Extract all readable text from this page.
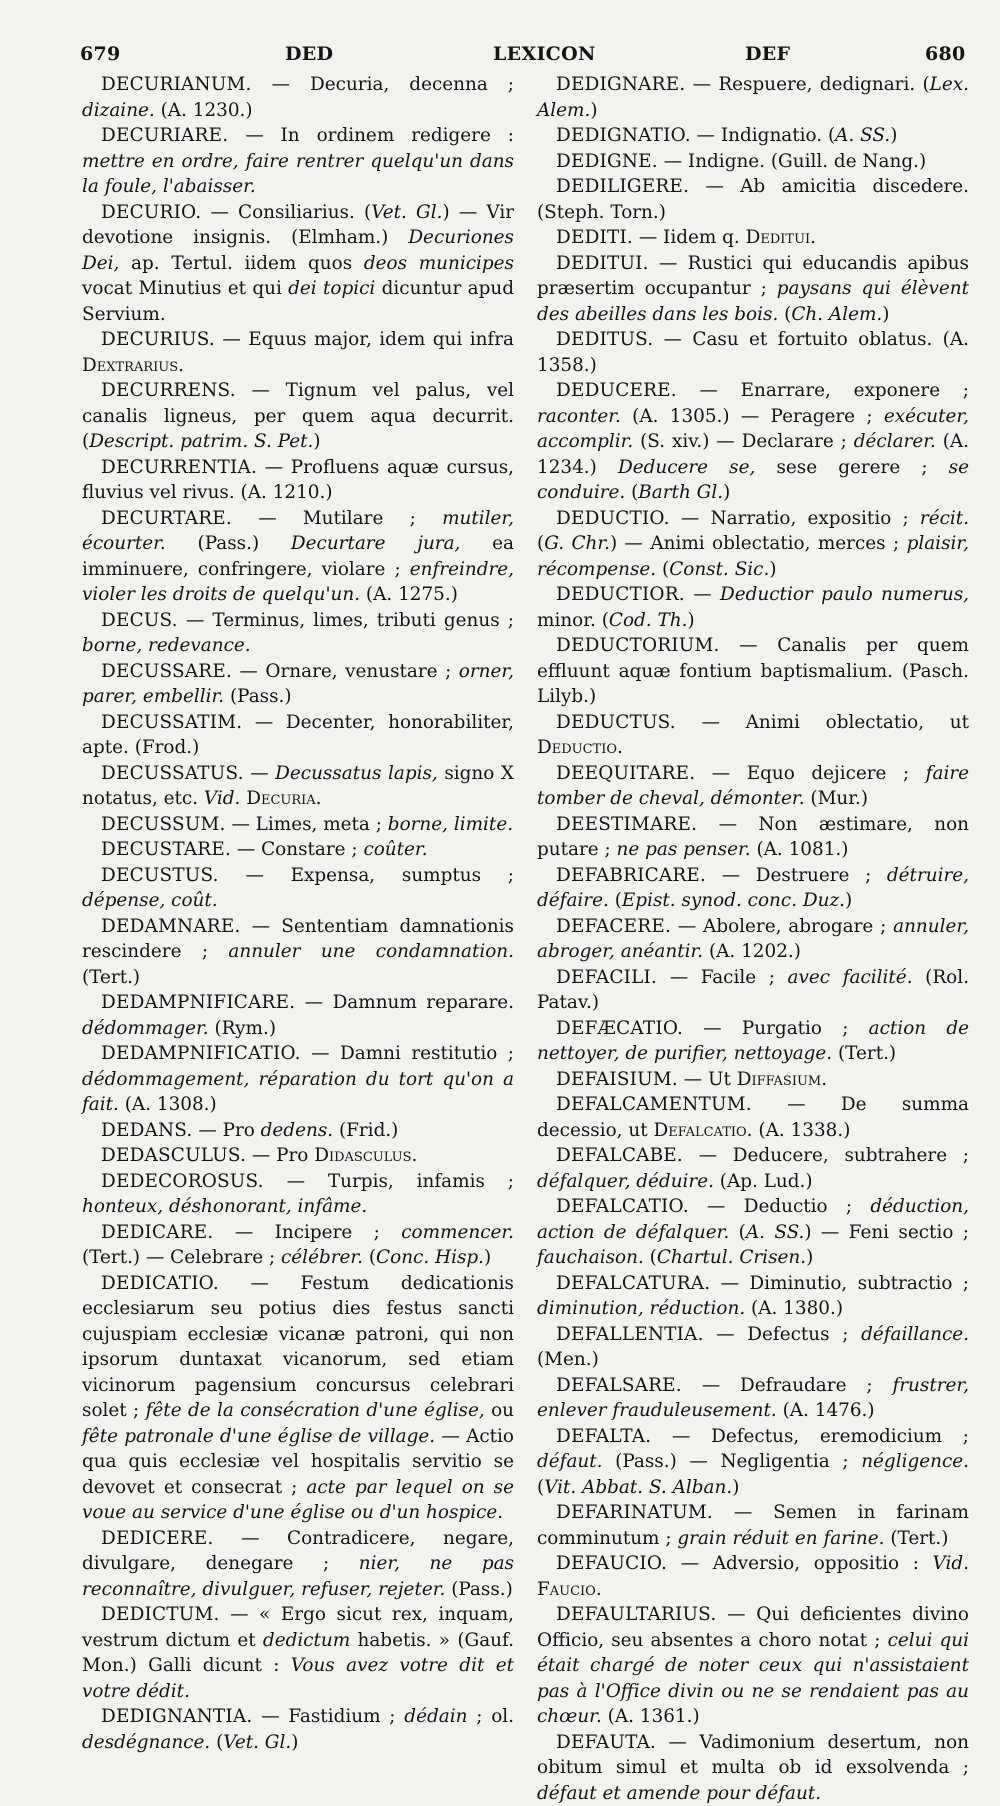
679	DED	LEXICON	DEF	680

DECURIANUM. — Decuria, decenna ; dizaine. (A. 1230.)

DECURIARE. — In ordinem redigere : mettre en ordre, faire rentrer quelqu'un dans la foule, l'abaisser.

DECURIO. — Consiliarius. (Vet. Gl.) — Vir devotione insignis. (Elmham.) Decuriones Dei, ap. Tertul. iidem quos deos municipes vocat Minutius et qui dei topici dicuntur apud Servium.

DECURIUS. — Equus major, idem qui infra Dextrarius.

DECURRENS. — Tignum vel palus, vel canalis ligneus, per quem aqua decurrit. (Descript. patrim. S. Pet.)

DECURRENTIA. — Profluens aquæ cursus, fluvius vel rivus. (A. 1210.)

DECURTARE. — Mutilare ; mutiler, écourter. (Pass.) Decurtare jura, ea imminuere, confringere, violare ; enfreindre, violer les droits de quelqu'un. (A. 1275.)

DECUS. — Terminus, limes, tributi genus ; borne, redevance.

DECUSSARE. — Ornare, venustare ; orner, parer, embellir. (Pass.)

DECUSSATIM. — Decenter, honorabiliter, apte. (Frod.)

DECUSSATUS. — Decussatus lapis, signo X notatus, etc. Vid. Decuria.

DECUSSUM. — Limes, meta ; borne, limite.

DECUSTARE. — Constare ; coûter.

DECUSTUS. — Expensa, sumptus ; dépense, coût.

DEDAMNARE. — Sententiam damnationis rescindere ; annuler une condamnation. (Tert.)

DEDAMPNIFICARE. — Damnum reparare. dédommager. (Rym.)

DEDAMPNIFICATIO. — Damni restitutio ; dédommagement, réparation du tort qu'on a fait. (A. 1308.)

DEDANS. — Pro dedens. (Frid.)

DEDASCULUS. — Pro Didasculus.

DEDECOROSUS. — Turpis, infamis ; honteux, déshonorant, infâme.

DEDICARE. — Incipere ; commencer. (Tert.) — Celebrare ; célébrer. (Conc. Hisp.)

DEDICATIO. — Festum dedicationis ecclesiarum seu potius dies festus sancti cujuspiam ecclesiæ vicanæ patroni, qui non ipsorum duntaxat vicanorum, sed etiam vicinorum pagensium concursus celebrari solet ; fête de la consécration d'une église, ou fête patronale d'une église de village. — Actio qua quis ecclesiæ vel hospitalis servitio se devovet et consecrat ; acte par lequel on se voue au service d'une église ou d'un hospice.

DEDICERE. — Contradicere, negare, divulgare, denegare ; nier, ne pas reconnaître, divulguer, refuser, rejeter. (Pass.)

DEDICTUM. — « Ergo sicut rex, inquam, vestrum dictum et dedictum habetis. » (Gauf. Mon.) Galli dicunt : Vous avez votre dit et votre dédit.

DEDIGNANTIA. — Fastidium ; dédain ; ol. desdégnance. (Vet. Gl.)

DEDIGNARE. — Respuere, dedignari. (Lex. Alem.)

DEDIGNATIO. — Indignatio. (A. SS.)

DEDIGNE. — Indigne. (Guill. de Nang.)

DEDILIGERE. — Ab amicitia discedere. (Steph. Torn.)

DEDITI. — Iidem q. Deditui.

DEDITUI. — Rustici qui educandis apibus præsertim occupantur ; paysans qui élèvent des abeilles dans les bois. (Ch. Alem.)

DEDITUS. — Casu et fortuito oblatus. (A. 1358.)

DEDUCERE. — Enarrare, exponere ; raconter. (A. 1305.) — Peragere ; exécuter, accomplir. (S. xiv.) — Declarare ; déclarer. (A. 1234.) Deducere se, sese gerere ; se conduire. (Barth Gl.)

DEDUCTIO. — Narratio, expositio ; récit. (G. Chr.) — Animi oblectatio, merces ; plaisir, récompense. (Const. Sic.)

DEDUCTIOR. — Deductior paulo numerus, minor. (Cod. Th.)

DEDUCTORIUM. — Canalis per quem effluunt aquæ fontium baptismalium. (Pasch. Lilyb.)

DEDUCTUS. — Animi oblectatio, ut Deductio.

DEEQUITARE. — Equo dejicere ; faire tomber de cheval, démonter. (Mur.)

DEESTIMARE. — Non æstimare, non putare ; ne pas penser. (A. 1081.)

DEFABRICARE. — Destruere ; détruire, défaire. (Epist. synod. conc. Duz.)

DEFACERE. — Abolere, abrogare ; annuler, abroger, anéantir. (A. 1202.)

DEFACILI. — Facile ; avec facilité. (Rol. Patav.)

DEFÆCATIO. — Purgatio ; action de nettoyer, de purifier, nettoyage. (Tert.)

DEFAISIUM. — Ut Diffasium.

DEFALCAMENTUM. — De summa decessio, ut Defalcatio. (A. 1338.)

DEFALCABE. — Deducere, subtrahere ; défalquer, déduire. (Ap. Lud.)

DEFALCATIO. — Deductio ; déduction, action de défalquer. (A. SS.) — Feni sectio ; fauchaison. (Chartul. Crisen.)

DEFALCATURA. — Diminutio, subtractio ; diminution, réduction. (A. 1380.)

DEFALLENTIA. — Defectus ; défaillance. (Men.)

DEFALSARE. — Defraudare ; frustrer, enlever frauduleusement. (A. 1476.)

DEFALTA. — Defectus, eremodicium ; défaut. (Pass.) — Negligentia ; négligence. (Vit. Abbat. S. Alban.)

DEFARINATUM. — Semen in farinam comminutum ; grain réduit en farine. (Tert.)

DEFAUCIO. — Adversio, oppositio : Vid. Faucio.

DEFAULTARIUS. — Qui deficientes divino Officio, seu absentes a choro notat ; celui qui était chargé de noter ceux qui n'assistaient pas à l'Office divin ou ne se rendaient pas au chœur. (A. 1361.)

DEFAUTA. — Vadimonium desertum, non obitum simul et multa ob id exsolvenda ; défaut et amende pour défaut.
